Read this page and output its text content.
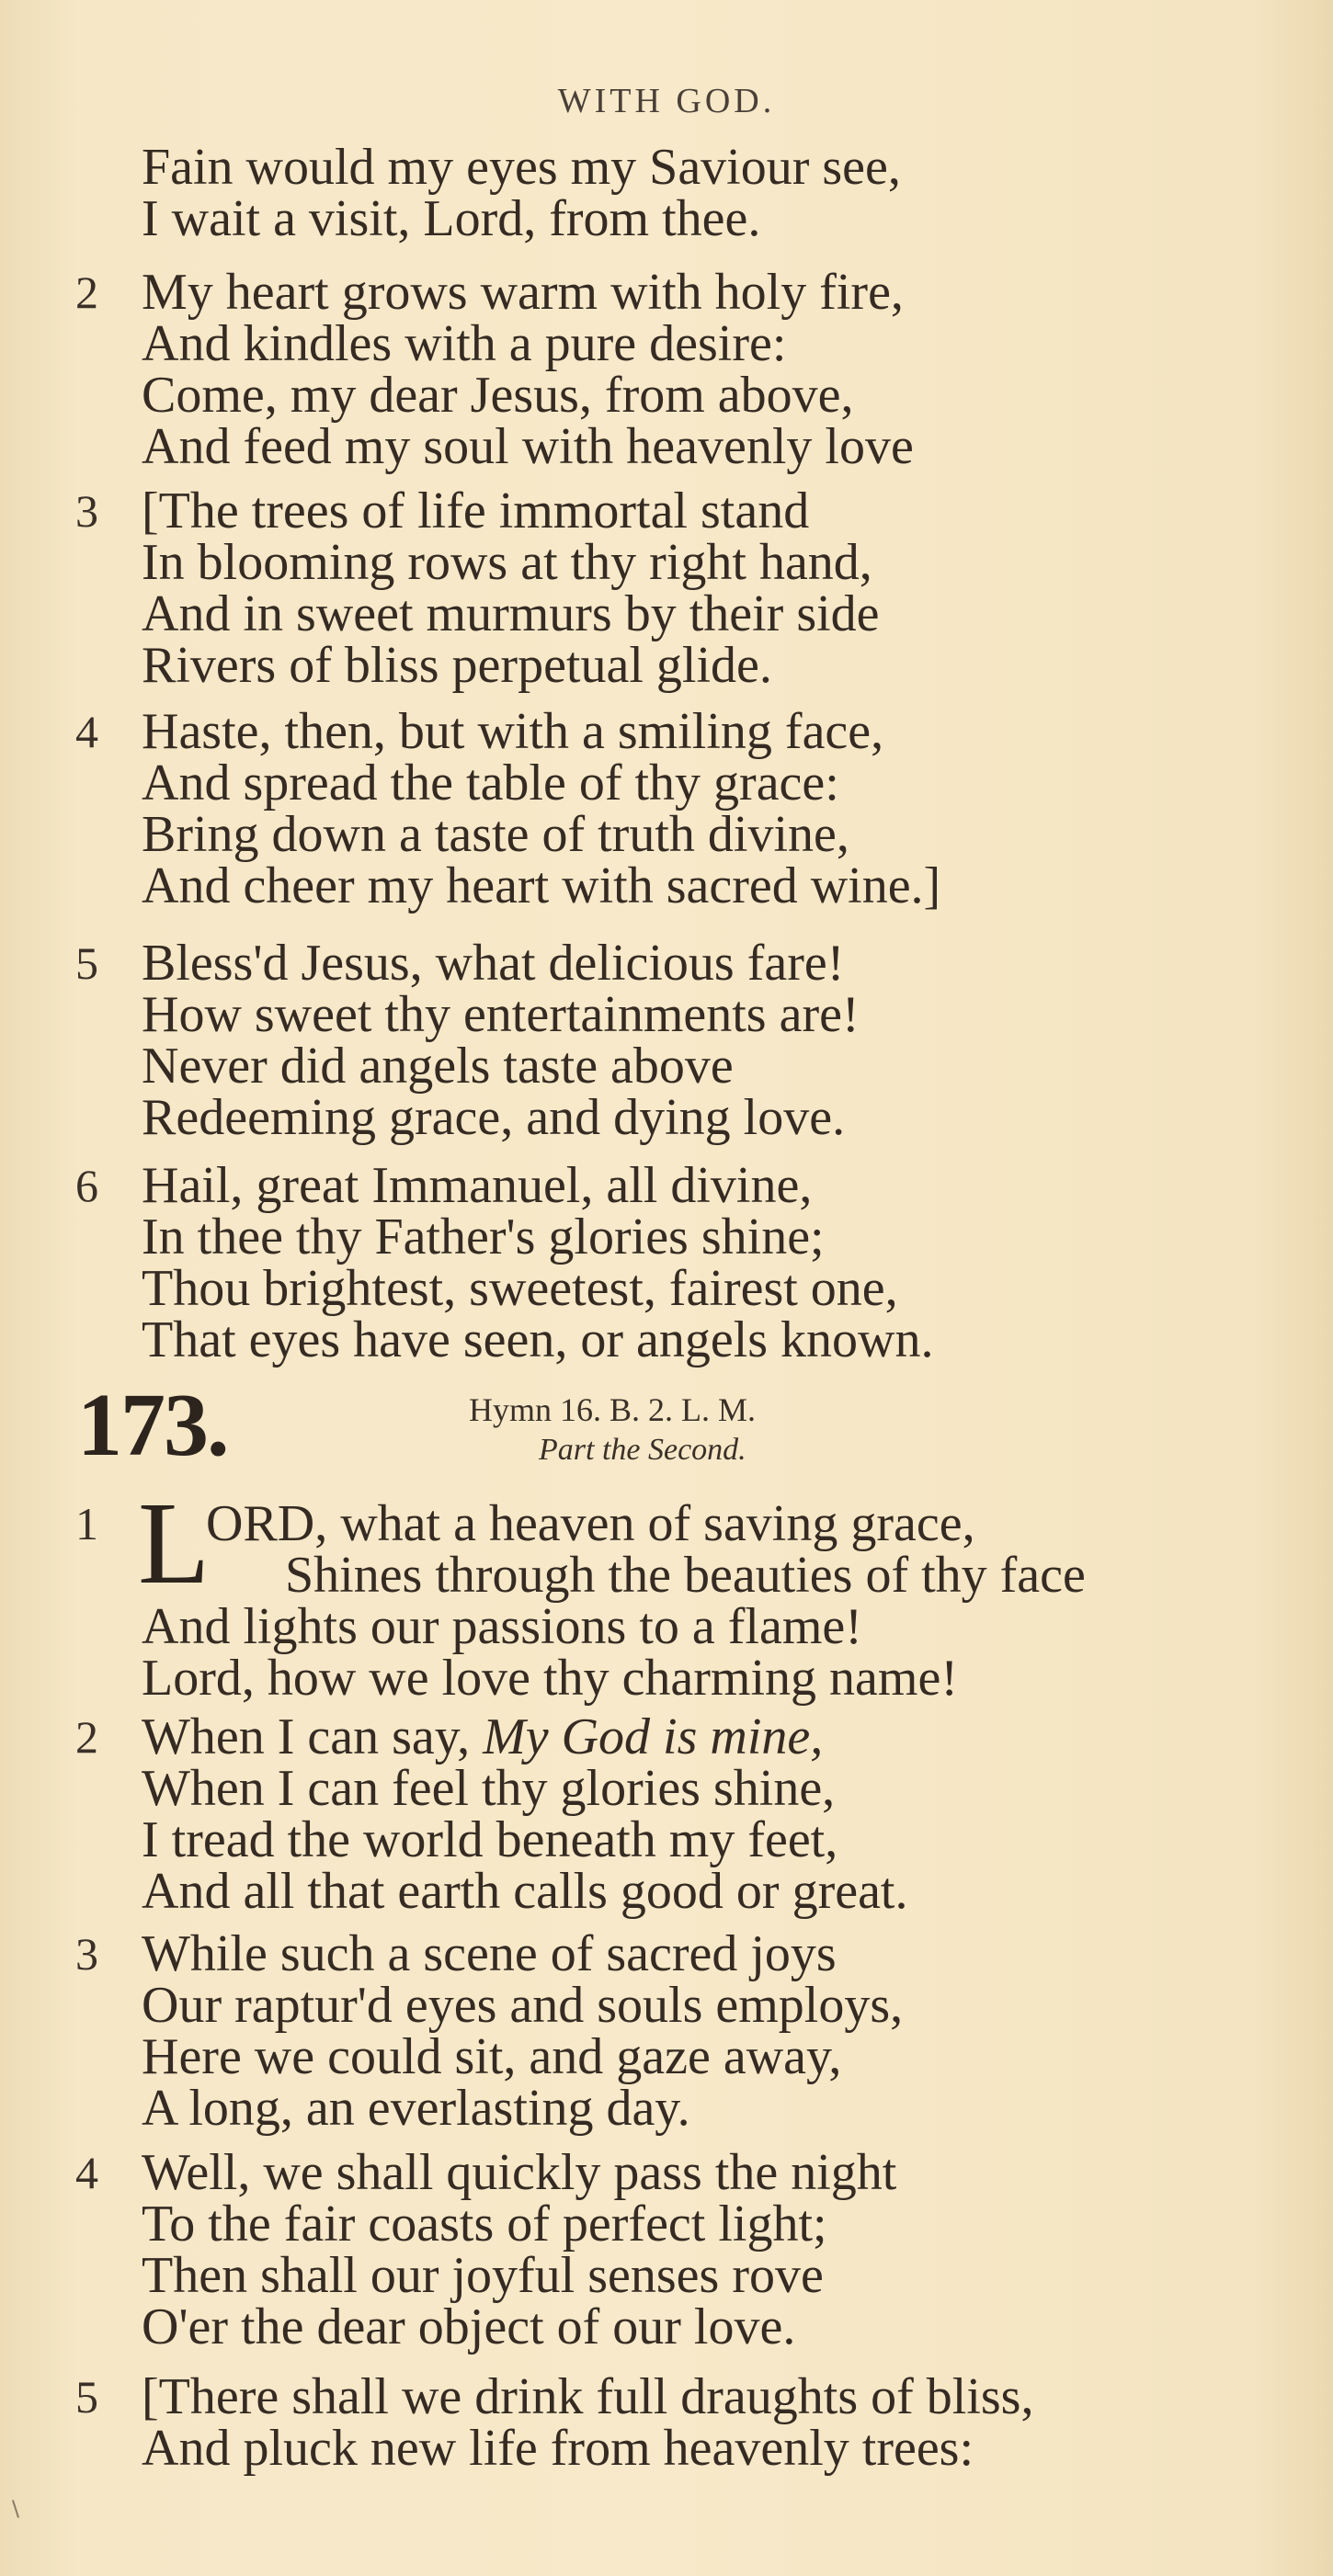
WITH GOD.
Fain would my eyes my Saviour see,
I wait a visit, Lord, from thee.
2 My heart grows warm with holy fire,
And kindles with a pure desire:
Come, my dear Jesus, from above,
And feed my soul with heavenly love
3 [The trees of life immortal stand
In blooming rows at thy right hand,
And in sweet murmurs by their side
Rivers of bliss perpetual glide.
4 Haste, then, but with a smiling face,
And spread the table of thy grace:
Bring down a taste of truth divine,
And cheer my heart with sacred wine.]
5 Bless'd Jesus, what delicious fare!
How sweet thy entertainments are!
Never did angels taste above
Redeeming grace, and dying love.
6 Hail, great Immanuel, all divine,
In thee thy Father's glories shine;
Thou brightest, sweetest, fairest one,
That eyes have seen, or angels known.
173.	Hymn 16. B. 2. L. M.
Part the Second.
1 L
ORD, what a heaven of saving grace,
Shines through the beauties of thy face
And lights our passions to a flame!
Lord, how we love thy charming name!
2 When I can say, My God is mine,
When I can feel thy glories shine,
I tread the world beneath my feet,
And all that earth calls good or great.
3 While such a scene of sacred joys
Our raptur'd eyes and souls employs,
Here we could sit, and gaze away,
A long, an everlasting day.
4 Well, we shall quickly pass the night
To the fair coasts of perfect light;
Then shall our joyful senses rove
O'er the dear object of our love.
5 [There shall we drink full draughts of bliss,
And pluck new life from heavenly trees:
